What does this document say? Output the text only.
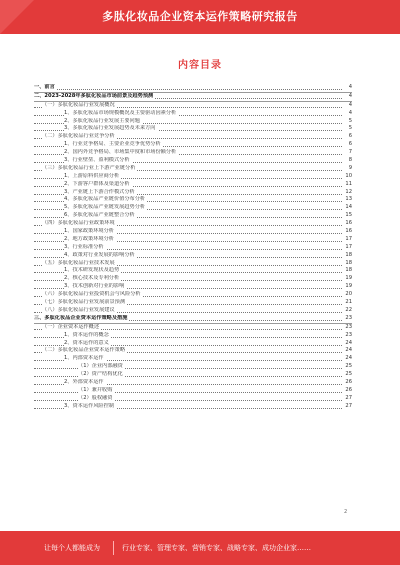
多肽化妆品企业资本运作策略研究报告
内容目录
一、前言	4
二、2023-2028年多肽化妆品市场前景及趋势预测	4
（一）多肽化妆品行业发展概况	4
1、多肽化妆品市场规模概况及主要驱动因素分析	4
2、多肽化妆品行业发展主要问题	5
3、多肽化妆品行业发展趋势及未来方向	5
（二）多肽化妆品行业竞争分析	6
1、行业竞争格局、主要企业竞争优势分析	6
2、国内外竞争格局、市场集中度和市场份额分析	7
3、行业壁垒、盈利模式分析	8
（三）多肽化妆品行业上下游产业链分析	9
1、上游原料供应商分析	10
2、下游客户群体及渠道分析	11
3、产业链上下游合作模式分析	12
4、多肽化妆品产业链价值分布分析	13
5、多肽化妆品产业链发展趋势分析	14
6、多肽化妆品产业链整合分析	15
（四）多肽化妆品行业政策环境	16
1、国家政策环境分析	16
2、地方政策环境分析	17
3、行业标准分析	17
4、政策对行业发展的影响分析	18
（五）多肽化妆品行业技术发展	18
1、技术研发现状及趋势	18
2、核心技术及专利分析	19
3、技术创新对行业的影响	19
（六）多肽化妆品行业投资机会与风险分析	20
（七）多肽化妆品行业发展前景预测	21
（八）多肽化妆品行业发展建议	22
三、多肽化妆品企业资本运作策略及措施	23
（一）企业资本运作概述	23
1、资本运作的概念	23
2、资本运作的意义	24
（二）多肽化妆品企业资本运作策略	24
1、内部资本运作	24
（1）企业内部融资	25
（2）资产结构优化	25
2、外部资本运作	26
（1）兼并收购	26
（2）股权融资	27
3、资本运作风险控制	27
2
让每个人都能成为	行业专家、管理专家、营销专家、战略专家、成功企业家……
